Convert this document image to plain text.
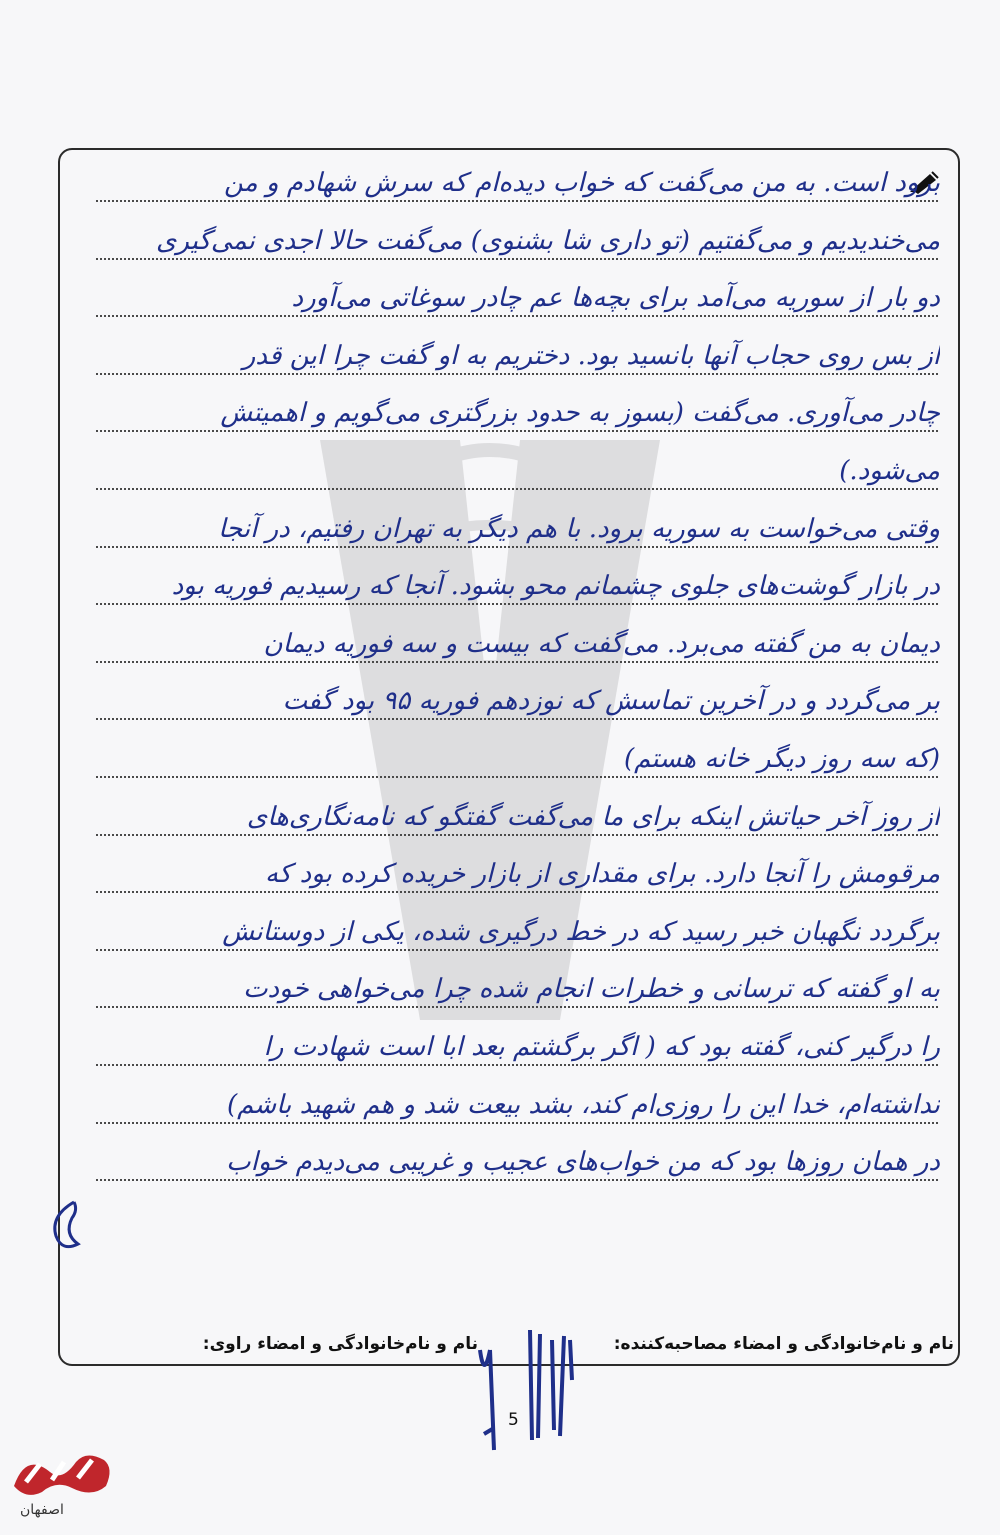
برود است. به من می‌گفت که خواب دیده‌ام که سرش شهادم و من
می‌خندیدیم و می‌گفتیم (تو داری شا بشنوی) می‌گفت حالا اجدی نمی‌گیری
دو بار از سوریه می‌آمد برای بچه‌ها عم چادر سوغاتی می‌آورد
از بس روی حجاب آنها بانسید بود. دختریم به او گفت چرا این قدر
چادر می‌آوری. می‌گفت (بسوز به حدود بزرگتری می‌گویم و اهمیتش
می‌شود.)
وقتی می‌خواست به سوریه برود. با هم دیگر به تهران رفتیم، در آنجا
در بازار گوشت‌های جلوی چشمانم محو بشود. آنجا که رسیدیم فوریه بود
دیمان به من گفته می‌برد. می‌گفت که بیست و سه فوریه دیمان
بر می‌گردد و در آخرین تماسش که نوزدهم فوریه ۹۵ بود گفت
(که سه روز دیگر خانه هستم)
از روز آخر حیاتش اینکه برای ما می‌گفت گفتگو که نامه‌نگاری‌های
مرقومش را آنجا دارد. برای مقداری از بازار خریده کرده بود که
برگردد نگهبان خبر رسید که در خط درگیری شده، یکی از دوستانش
به او گفته که ترسانی و خطرات انجام شده چرا می‌خواهی خودت
را درگیر کنی، گفته بود که ( اگر برگشتم بعد ابا است شهادت را
نداشته‌ام، خدا این را روزی‌ام کند، بشد بیعت شد و هم شهید باشم)
در همان روزها بود که من خواب‌های عجیب و غریبی می‌دیدم خواب
نام و نام‌خانوادگی و امضاء مصاحبه‌کننده:
نام و نام‌خانوادگی و امضاء راوی:
5
اصفهان
